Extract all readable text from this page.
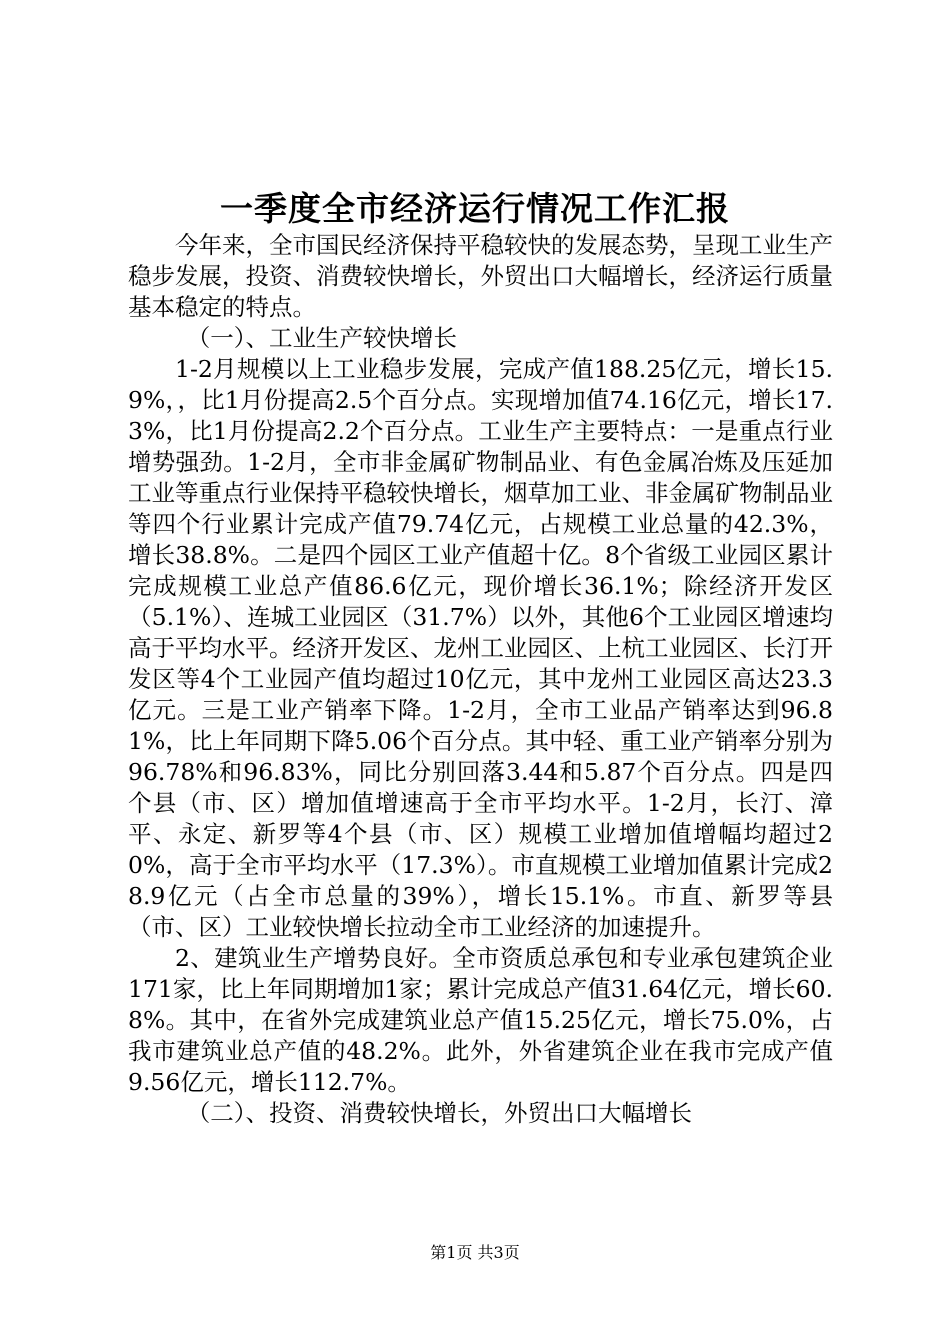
一季度全市经济运行情况工作汇报

今年来，全市国民经济保持平稳较快的发展态势，呈现工业生产稳步发展，投资、消费较快增长，外贸出口大幅增长，经济运行质量基本稳定的特点。

（一）、工业生产较快增长

1-2月规模以上工业稳步发展，完成产值188.25亿元，增长15.9%，，比1月份提高2.5个百分点。实现增加值74.16亿元，增长17.3%，比1月份提高2.2个百分点。工业生产主要特点：一是重点行业增势强劲。1-2月，全市非金属矿物制品业、有色金属冶炼及压延加工业等重点行业保持平稳较快增长，烟草加工业、非金属矿物制品业等四个行业累计完成产值79.74亿元，占规模工业总量的42.3%，增长38.8%。二是四个园区工业产值超十亿。8个省级工业园区累计完成规模工业总产值86.6亿元，现价增长36.1%；除经济开发区（5.1%）、连城工业园区（31.7%）以外，其他6个工业园区增速均高于平均水平。经济开发区、龙州工业园区、上杭工业园区、长汀开发区等4个工业园产值均超过10亿元，其中龙州工业园区高达23.3亿元。三是工业产销率下降。1-2月，全市工业品产销率达到96.81%，比上年同期下降5.06个百分点。其中轻、重工业产销率分别为96.78%和96.83%，同比分别回落3.44和5.87个百分点。四是四个县（市、区）增加值增速高于全市平均水平。1-2月，长汀、漳平、永定、新罗等4个县（市、区）规模工业增加值增幅均超过20%，高于全市平均水平（17.3%）。市直规模工业增加值累计完成28.9亿元（占全市总量的39%），增长15.1%。市直、新罗等县（市、区）工业较快增长拉动全市工业经济的加速提升。

2、建筑业生产增势良好。全市资质总承包和专业承包建筑企业171家，比上年同期增加1家；累计完成总产值31.64亿元，增长60.8%。其中，在省外完成建筑业总产值15.25亿元，增长75.0%，占我市建筑业总产值的48.2%。此外，外省建筑企业在我市完成产值9.56亿元，增长112.7%。

（二）、投资、消费较快增长，外贸出口大幅增长

第1页 共3页
